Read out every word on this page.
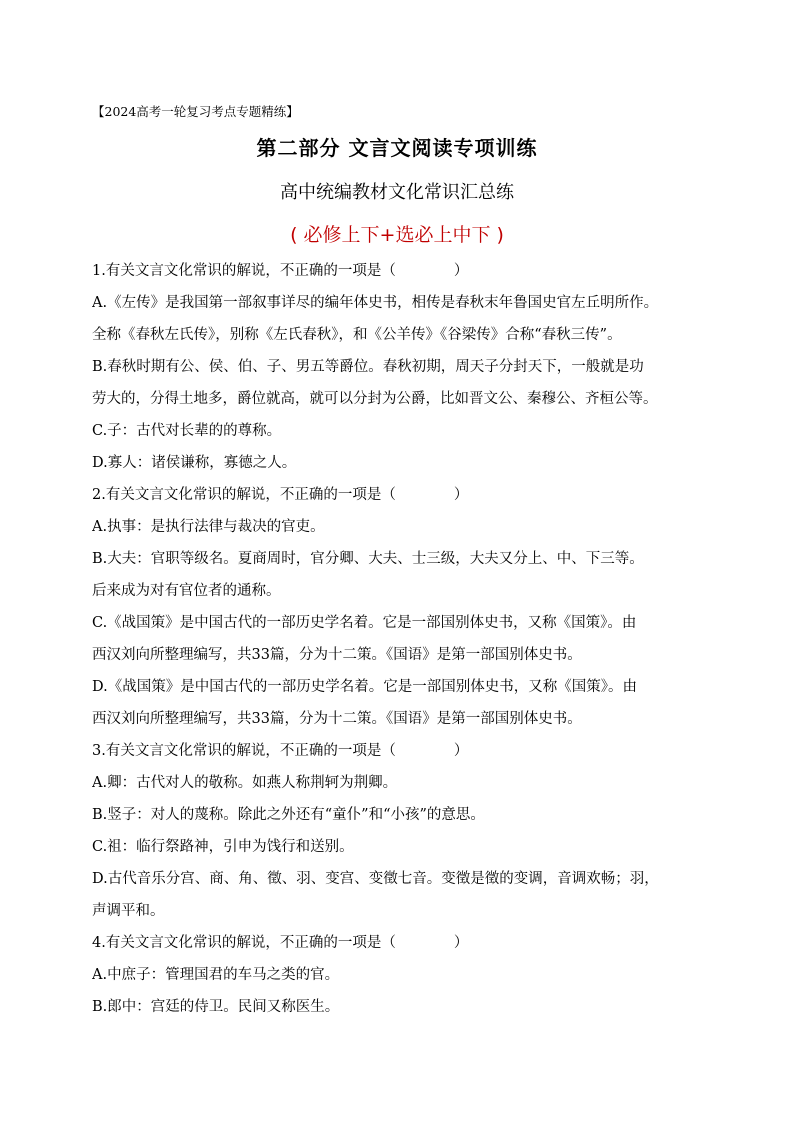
【2024高考一轮复习考点专题精练】
第二部分 文言文阅读专项训练
高中统编教材文化常识汇总练
( 必修上下+选必上中下 )
1.有关文言文化常识的解说，不正确的一项是（	）
A.《左传》是我国第一部叙事详尽的编年体史书，相传是春秋末年鲁国史官左丘明所作。
全称《春秋左氏传》，别称《左氏春秋》，和《公羊传》《谷梁传》合称“春秋三传”。
B.春秋时期有公、侯、伯、子、男五等爵位。春秋初期，周天子分封天下，一般就是功
劳大的，分得土地多，爵位就高，就可以分封为公爵，比如晋文公、秦穆公、齐桓公等。
C.子：古代对长辈的的尊称。
D.寡人：诸侯谦称，寡德之人。
2.有关文言文化常识的解说，不正确的一项是（	）
A.执事：是执行法律与裁决的官吏。
B.大夫：官职等级名。夏商周时，官分卿、大夫、士三级，大夫又分上、中、下三等。
后来成为对有官位者的通称。
C.《战国策》是中国古代的一部历史学名着。它是一部国别体史书，又称《国策》。由
西汉刘向所整理编写，共33篇，分为十二策。《国语》是第一部国别体史书。
D.《战国策》是中国古代的一部历史学名着。它是一部国别体史书，又称《国策》。由
西汉刘向所整理编写，共33篇，分为十二策。《国语》是第一部国别体史书。
3.有关文言文化常识的解说，不正确的一项是（	）
A.卿：古代对人的敬称。如燕人称荆轲为荆卿。
B.竖子：对人的蔑称。除此之外还有“童仆”和“小孩”的意思。
C.祖：临行祭路神，引申为饯行和送别。
D.古代音乐分宫、商、角、徵、羽、变宫、变徵七音。变徵是徵的变调，音调欢畅；羽，
声调平和。
4.有关文言文化常识的解说，不正确的一项是（	）
A.中庶子：管理国君的车马之类的官。
B.郎中：宫廷的侍卫。民间又称医生。
